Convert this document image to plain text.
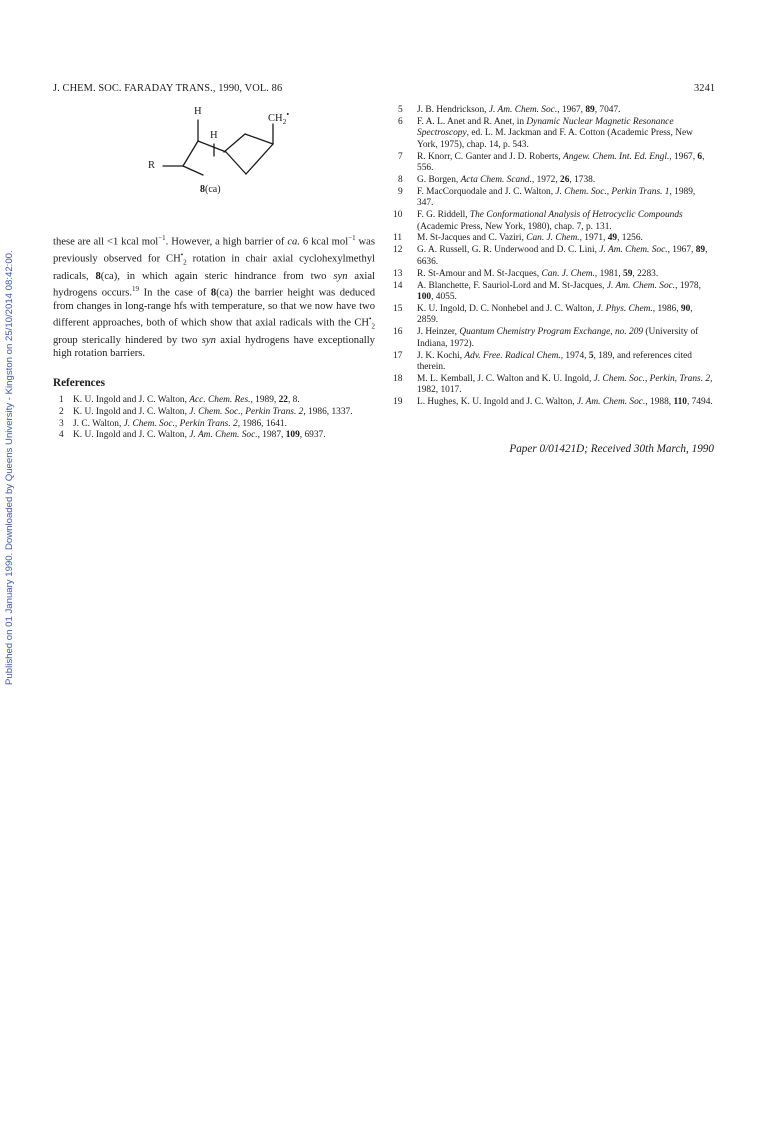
Published on 01 January 1990. Downloaded by Queens University - Kingston on 25/10/2014 08:42:00.
J. CHEM. SOC. FARADAY TRANS., 1990, VOL. 86	3241
H
H
$CH_2^•$
R
8(ca)

these are all <1 kcal mol$^{-1}$. However, a high barrier of ca. 6 kcal mol$^{-1}$ was previously observed for $CH^•_2$ rotation in chair axial cyclohexylmethyl radicals, 8(ca), in which again steric hindrance from two syn axial hydrogens occurs.$^{19}$ In the case of 8(ca) the barrier height was deduced from changes in long-range hfs with temperature, so that we now have two different approaches, both of which show that axial radicals with the $CH^•_2$ group sterically hindered by two syn axial hydrogens have exceptionally high rotation barriers.

References
1 K. U. Ingold and J. C. Walton, Acc. Chem. Res., 1989, 22, 8.
2 K. U. Ingold and J. C. Walton, J. Chem. Soc., Perkin Trans. 2, 1986, 1337.
3 J. C. Walton, J. Chem. Soc., Perkin Trans. 2, 1986, 1641.
4 K. U. Ingold and J. C. Walton, J. Am. Chem. Soc., 1987, 109, 6937.
5	J. B. Hendrickson, J. Am. Chem. Soc., 1967, 89, 7047.
6	F. A. L. Anet and R. Anet, in Dynamic Nuclear Magnetic Resonance Spectroscopy, ed. L. M. Jackman and F. A. Cotton (Academic Press, New York, 1975), chap. 14, p. 543.
7	R. Knorr, C. Ganter and J. D. Roberts, Angew. Chem. Int. Ed. Engl., 1967, 6, 556.
8	G. Borgen, Acta Chem. Scand., 1972, 26, 1738.
9	F. MacCorquodale and J. C. Walton, J. Chem. Soc., Perkin Trans. 1, 1989, 347.
10 F. G. Riddell, The Conformational Analysis of Hetrocyclic Compounds (Academic Press, New York, 1980), chap. 7, p. 131.
11 M. St-Jacques and C. Vaziri, Can. J. Chem., 1971, 49, 1256.
12 G. A. Russell, G. R. Underwood and D. C. Lini, J. Am. Chem. Soc., 1967, 89, 6636.
13 R. St-Amour and M. St-Jacques, Can. J. Chem., 1981, 59, 2283.
14 A. Blanchette, F. Sauriol-Lord and M. St-Jacques, J. Am. Chem. Soc., 1978, 100, 4055.
15 K. U. Ingold, D. C. Nonhebel and J. C. Walton, J. Phys. Chem., 1986, 90, 2859.
16 J. Heinzer, Quantum Chemistry Program Exchange, no. 209 (University of Indiana, 1972).
17 J. K. Kochi, Adv. Free. Radical Chem., 1974, 5, 189, and references cited therein.
18 M. L. Kemball, J. C. Walton and K. U. Ingold, J. Chem. Soc., Perkin, Trans. 2, 1982, 1017.
19 L. Hughes, K. U. Ingold and J. C. Walton, J. Am. Chem. Soc., 1988, 110, 7494.
Paper 0/01421D; Received 30th March, 1990
